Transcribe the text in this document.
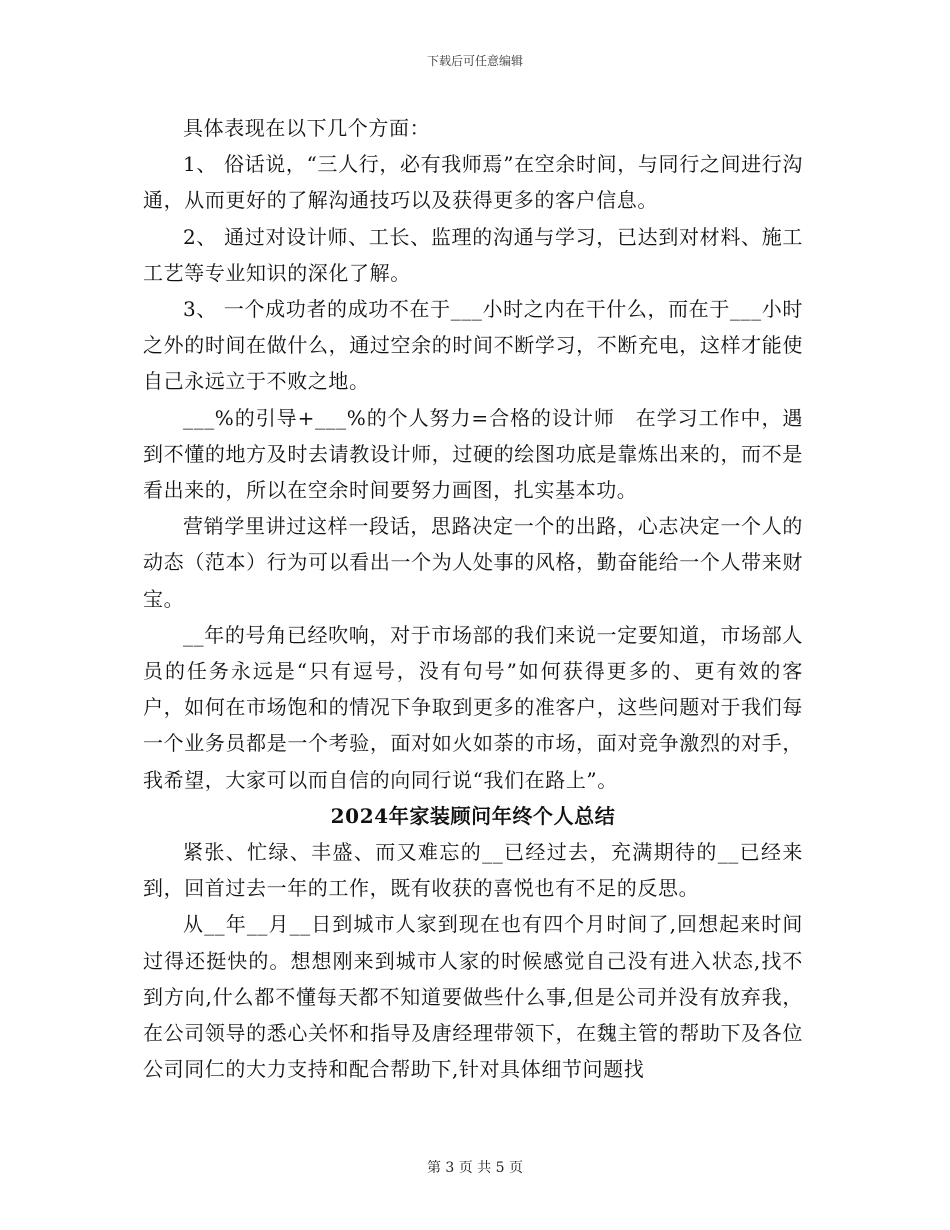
下载后可任意编辑

具体表现在以下几个方面：

1、 俗话说，“三人行，必有我师焉”在空余时间，与同行之间进行沟通，从而更好的了解沟通技巧以及获得更多的客户信息。

2、 通过对设计师、工长、监理的沟通与学习，已达到对材料、施工工艺等专业知识的深化了解。

3、 一个成功者的成功不在于___小时之内在干什么，而在于___小时之外的时间在做什么，通过空余的时间不断学习，不断充电，这样才能使自己永远立于不败之地。

___%的引导+___%的个人努力=合格的设计师　在学习工作中，遇到不懂的地方及时去请教设计师，过硬的绘图功底是靠炼出来的，而不是看出来的，所以在空余时间要努力画图，扎实基本功。

营销学里讲过这样一段话，思路决定一个的出路，心志决定一个人的动态（范本）行为可以看出一个为人处事的风格，勤奋能给一个人带来财宝。

__年的号角已经吹响，对于市场部的我们来说一定要知道，市场部人员的任务永远是“只有逗号，没有句号”如何获得更多的、更有效的客户，如何在市场饱和的情况下争取到更多的准客户，这些问题对于我们每一个业务员都是一个考验，面对如火如荼的市场，面对竞争激烈的对手，我希望，大家可以而自信的向同行说“我们在路上”。

2024年家装顾问年终个人总结

紧张、忙绿、丰盛、而又难忘的__已经过去，充满期待的__已经来到，回首过去一年的工作，既有收获的喜悦也有不足的反思。

从__年__月__日到城市人家到现在也有四个月时间了,回想起来时间过得还挺快的。想想刚来到城市人家的时候感觉自己没有进入状态,找不到方向,什么都不懂每天都不知道要做些什么事,但是公司并没有放弃我，在公司领导的悉心关怀和指导及唐经理带领下，在魏主管的帮助下及各位公司同仁的大力支持和配合帮助下,针对具体细节问题找

第 3 页 共 5 页
